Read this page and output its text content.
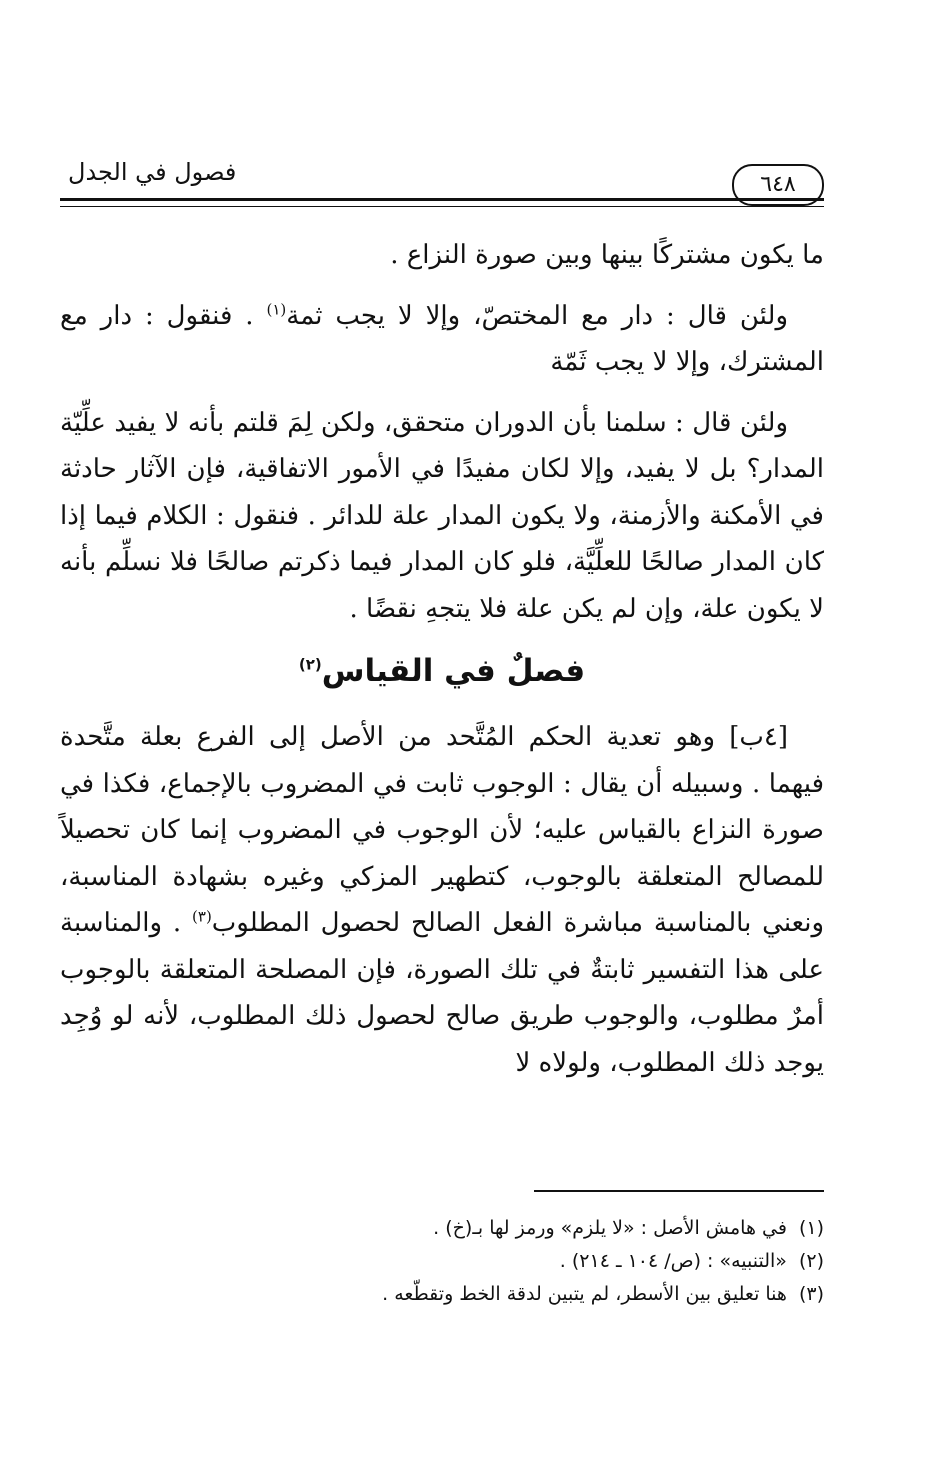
٦٤٨
فصول في الجدل

ما يكون مشتركًا بينها وبين صورة النزاع .

ولئن قال : دار مع المختصّ، وإلا لا يجب ثمة$^{(١)}$ . فنقول : دار مع المشترك، وإلا لا يجب ثَمّة

ولئن قال : سلمنا بأن الدوران متحقق، ولكن لِمَ قلتم بأنه لا يفيد علِّيّة المدار؟ بل لا يفيد، وإلا لكان مفيدًا في الأمور الاتفاقية، فإن الآثار حادثة في الأمكنة والأزمنة، ولا يكون المدار علة للدائر . فنقول : الكلام فيما إذا كان المدار صالحًا للعلِّيَّة، فلو كان المدار فيما ذكرتم صالحًا فلا نسلِّم بأنه لا يكون علة، وإن لم يكن علة فلا يتجهِ نقضًا .

فصلٌ في القياس$^{(٢)}$

[٤ب] وهو تعدية الحكم المُتَّحد من الأصل إلى الفرع بعلة متَّحدة فيهما . وسبيله أن يقال : الوجوب ثابت في المضروب بالإجماع، فكذا في صورة النزاع بالقياس عليه؛ لأن الوجوب في المضروب إنما كان تحصيلاً للمصالح المتعلقة بالوجوب، كتطهير المزكي وغيره بشهادة المناسبة، ونعني بالمناسبة مباشرة الفعل الصالح لحصول المطلوب$^{(٣)}$ . والمناسبة على هذا التفسير ثابتةٌ في تلك الصورة، فإن المصلحة المتعلقة بالوجوب أمرٌ مطلوب، والوجوب طريق صالح لحصول ذلك المطلوب، لأنه لو وُجِد يوجد ذلك المطلوب، ولولاه لا

(١)في هامش الأصل : «لا يلزم» ورمز لها بـ(خ) .

(٢)«التنبيه» : (ص/ ١٠٤ ـ ٢١٤) .

(٣)هنا تعليق بين الأسطر، لم يتبين لدقة الخط وتقطّعه .
